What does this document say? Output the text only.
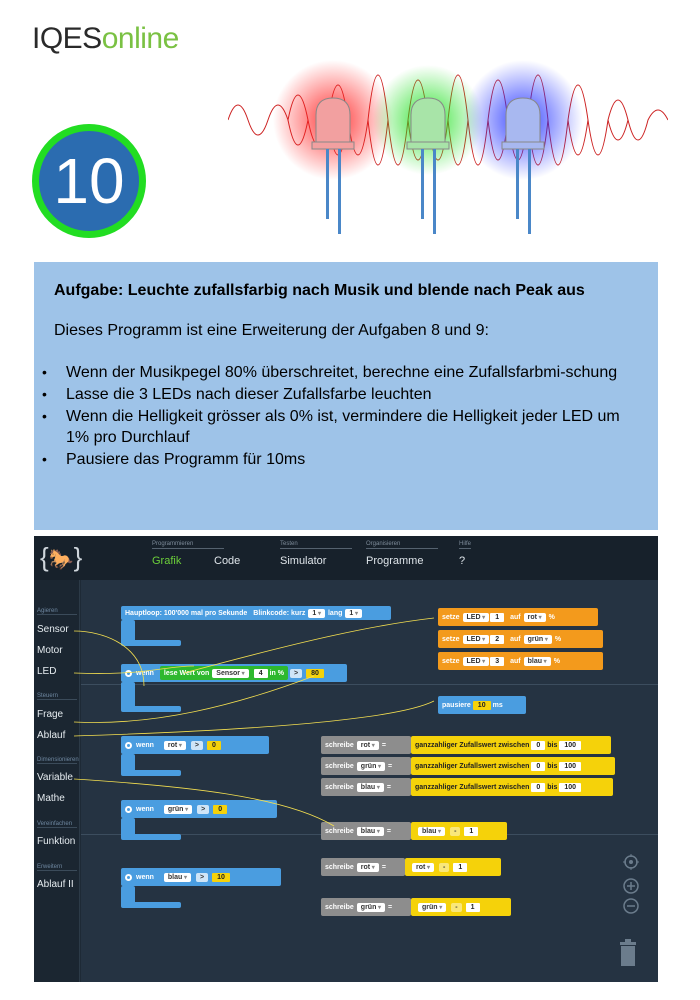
IQESonline
10
Aufgabe: Leuchte zufallsfarbig nach Musik und blende nach Peak aus

Dieses Programm ist eine Erweiterung der Aufgaben 8 und 9:

• Wenn der Musikpegel 80% überschreitet, berechne eine Zufallsfarbmi-schung
• Lasse die 3 LEDs nach dieser Zufallsfarbe leuchten
• Wenn die Helligkeit grösser als 0% ist, vermindere die Helligkeit jeder LED um 1% pro Durchlauf
• Pausiere das Programm für 10ms
{🐎}	Programmieren
Grafik	Code
Testen
Simulator
Organisieren
Programme
Hilfe
?
Agieren
Sensor
Motor
LED
Steuern
Frage
Ablauf
Dimensionieren
Variable
Mathe
Vereinfachen
Funktion
Erweitern
Ablauf II
Hauptloop: 100'000 mal pro Sekunde Blinkcode: kurz	1 ▾	lang	1 ▾
wenn lese Wert von	Sensor ▾	4	in %	>	80
setze	LED ▾	1	auf	rot ▾	%
setze	LED ▾	2	auf	grün ▾	%
setze	LED ▾	3	auf	blau ▾	%
pausiere	10	ms
wenn	rot ▾	>	0	schreibe	rot ▾	=	ganzzahliger Zufallswert zwischen	0	bis	100
schreibe	grün ▾	=	ganzzahliger Zufallswert zwischen	0	bis	100
schreibe	blau ▾	=	ganzzahliger Zufallswert zwischen	0	bis	100
wenn	grün ▾	>	0
schreibe	blau ▾	=	blau ▾	-	1
wenn	blau ▾	>	10
schreibe	rot ▾	=	rot ▾	-	1
schreibe	grün ▾	=	grün ▾	-	1
